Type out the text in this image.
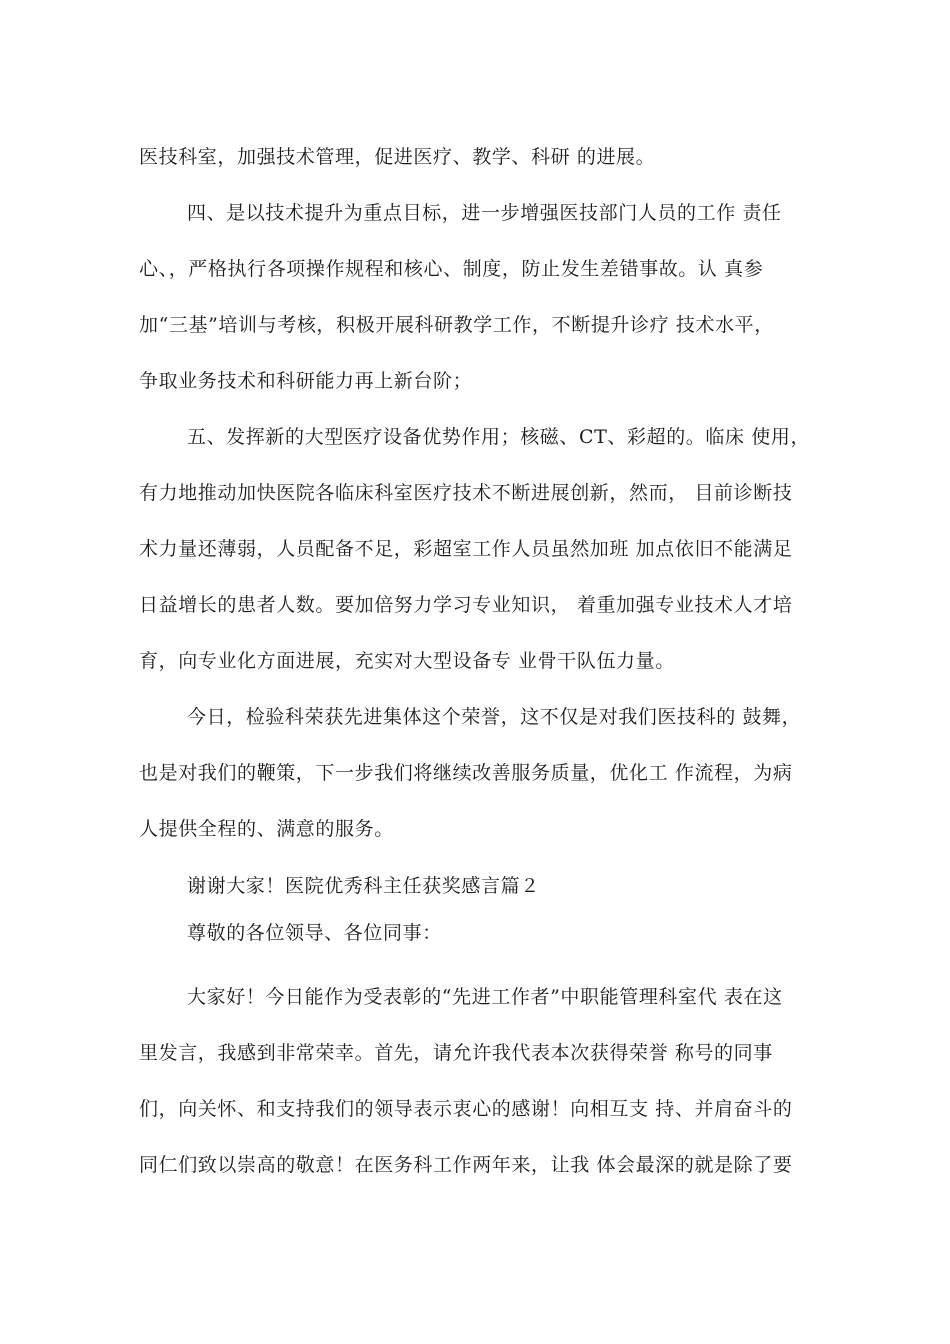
医技科室，加强技术管理，促进医疗、教学、科研 的进展。
四、是以技术提升为重点目标，进一步增强医技部门人员的工作 责任
心、，严格执行各项操作规程和核心、制度，防止发生差错事故。认 真参
加“三基”培训与考核，积极开展科研教学工作，不断提升诊疗 技术水平，
争取业务技术和科研能力再上新台阶；
五、发挥新的大型医疗设备优势作用；核磁、CT、彩超的。临床 使用，
有力地推动加快医院各临床科室医疗技术不断进展创新，然而， 目前诊断技
术力量还薄弱，人员配备不足，彩超室工作人员虽然加班 加点依旧不能满足
日益增长的患者人数。要加倍努力学习专业知识， 着重加强专业技术人才培
育，向专业化方面进展，充实对大型设备专 业骨干队伍力量。
今日，检验科荣获先进集体这个荣誉，这不仅是对我们医技科的 鼓舞，
也是对我们的鞭策，下一步我们将继续改善服务质量，优化工 作流程，为病
人提供全程的、满意的服务。
谢谢大家！医院优秀科主任获奖感言篇２
尊敬的各位领导、各位同事：
大家好！今日能作为受表彰的“先进工作者”中职能管理科室代 表在这
里发言，我感到非常荣幸。首先，请允许我代表本次获得荣誉 称号的同事
们，向关怀、和支持我们的领导表示衷心的感谢！向相互支 持、并肩奋斗的
同仁们致以崇高的敬意！在医务科工作两年来，让我 体会最深的就是除了要
